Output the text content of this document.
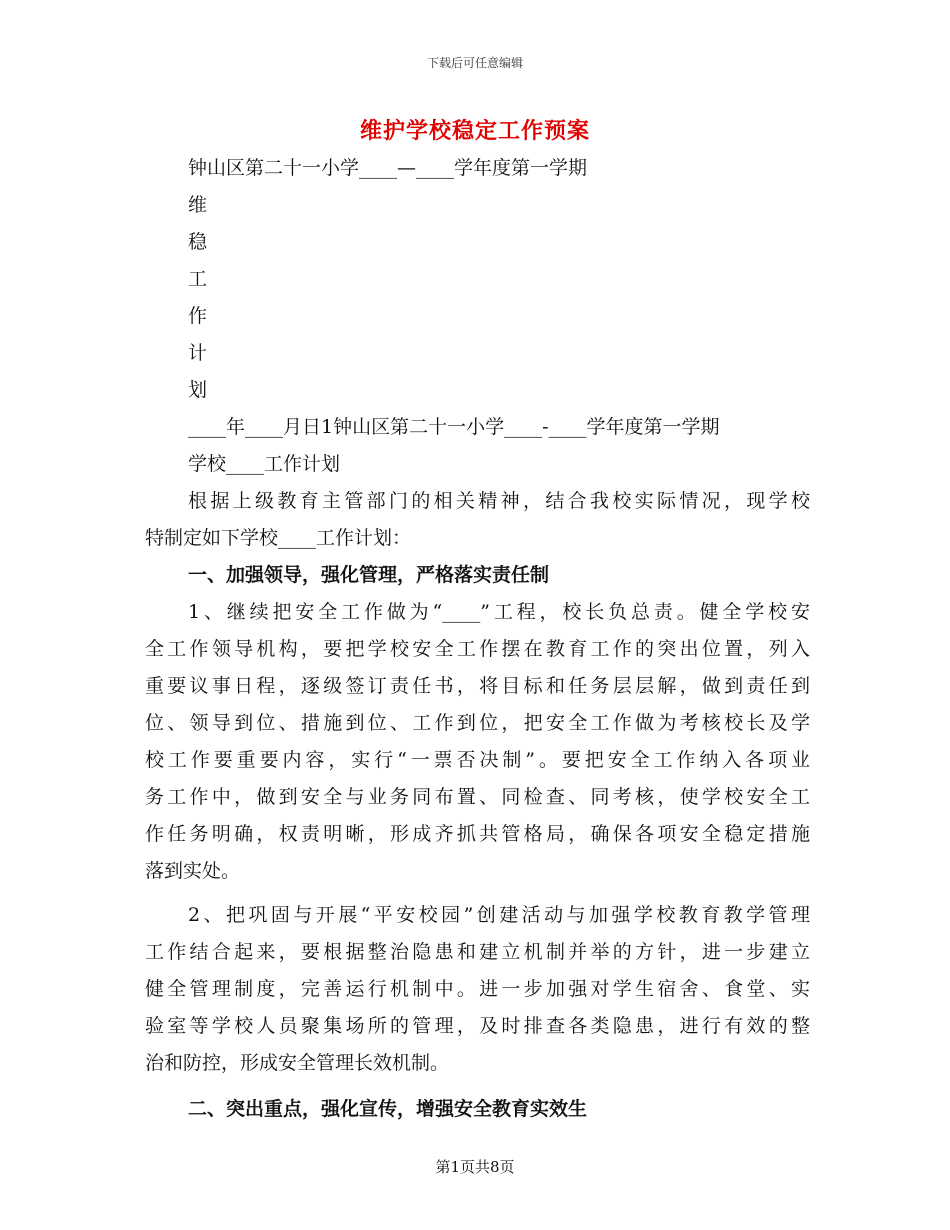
下载后可任意编辑
维护学校稳定工作预案
钟山区第二十一小学____—____学年度第一学期
维
稳
工
作
计
划
____年____月日1钟山区第二十一小学____-____学年度第一学期
学校____工作计划
根据上级教育主管部门的相关精神，结合我校实际情况，现学校
特制定如下学校____工作计划：
一、加强领导，强化管理，严格落实责任制
1、继续把安全工作做为“____”工程，校长负总责。健全学校安
全工作领导机构，要把学校安全工作摆在教育工作的突出位置，列入
重要议事日程，逐级签订责任书，将目标和任务层层解，做到责任到
位、领导到位、措施到位、工作到位，把安全工作做为考核校长及学
校工作要重要内容，实行“一票否决制”。要把安全工作纳入各项业
务工作中，做到安全与业务同布置、同检查、同考核，使学校安全工
作任务明确，权责明晰，形成齐抓共管格局，确保各项安全稳定措施
落到实处。
2、把巩固与开展“平安校园”创建活动与加强学校教育教学管理
工作结合起来，要根据整治隐患和建立机制并举的方针，进一步建立
健全管理制度，完善运行机制中。进一步加强对学生宿舍、食堂、实
验室等学校人员聚集场所的管理，及时排查各类隐患，进行有效的整
治和防控，形成安全管理长效机制。
二、突出重点，强化宣传，增强安全教育实效生
第1页共8页
